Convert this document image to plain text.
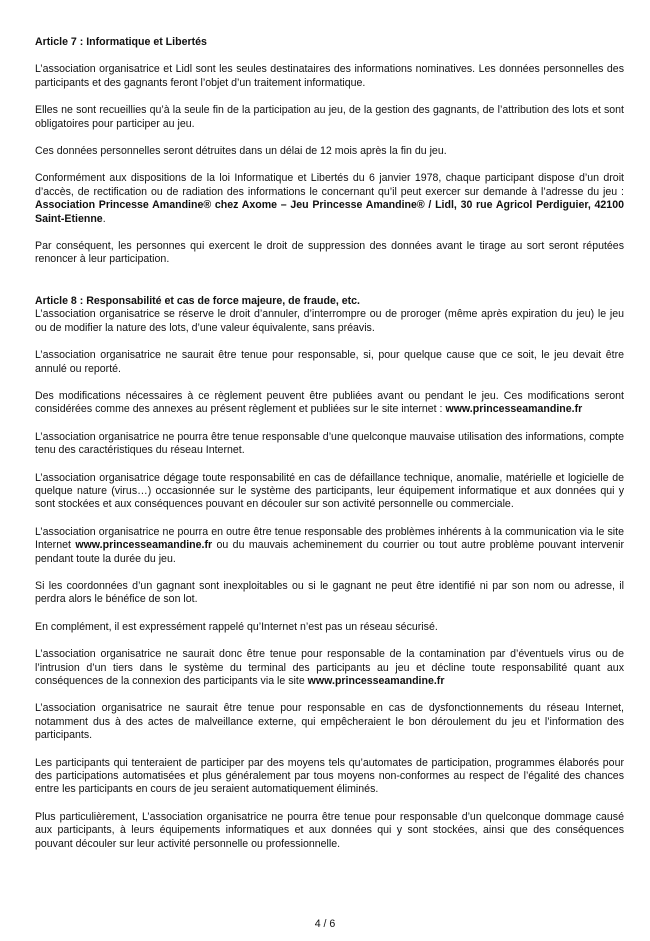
Article 7 : Informatique et Libertés

L’association organisatrice et Lidl sont les seules destinataires des informations nominatives. Les données personnelles des participants et des gagnants feront l’objet d’un traitement informatique.

Elles ne sont recueillies qu’à la seule fin de la participation au jeu, de la gestion des gagnants, de l’attribution des lots et sont obligatoires pour participer au jeu.

Ces données personnelles seront détruites dans un délai de 12 mois après la fin du jeu.

Conformément aux dispositions de la loi Informatique et Libertés du 6 janvier 1978, chaque participant dispose d’un droit d’accès, de rectification ou de radiation des informations le concernant qu’il peut exercer sur demande à l’adresse du jeu : Association Princesse Amandine® chez Axome – Jeu Princesse Amandine® / Lidl, 30 rue Agricol Perdiguier, 42100 Saint-Etienne.

Par conséquent, les personnes qui exercent le droit de suppression des données avant le tirage au sort seront réputées renoncer à leur participation.

Article 8 : Responsabilité et cas de force majeure, de fraude, etc.

L’association organisatrice se réserve le droit d’annuler, d’interrompre ou de proroger (même après expiration du jeu) le jeu ou de modifier la nature des lots, d’une valeur équivalente, sans préavis.

L’association organisatrice ne saurait être tenue pour responsable, si, pour quelque cause que ce soit, le jeu devait être annulé ou reporté.

Des modifications nécessaires à ce règlement peuvent être publiées avant ou pendant le jeu. Ces modifications seront considérées comme des annexes au présent règlement et publiées sur le site internet : www.princesseamandine.fr

L’association organisatrice ne pourra être tenue responsable d’une quelconque mauvaise utilisation des informations, compte tenu des caractéristiques du réseau Internet.

L’association organisatrice dégage toute responsabilité en cas de défaillance technique, anomalie, matérielle et logicielle de quelque nature (virus…) occasionnée sur le système des participants, leur équipement informatique et aux données qui y sont stockées et aux conséquences pouvant en découler sur son activité personnelle ou commerciale.

L’association organisatrice ne pourra en outre être tenue responsable des problèmes inhérents à la communication via le site Internet www.princesseamandine.fr ou du mauvais acheminement du courrier ou tout autre problème pouvant intervenir pendant toute la durée du jeu.

Si les coordonnées d’un gagnant sont inexploitables ou si le gagnant ne peut être identifié ni par son nom ou adresse, il perdra alors le bénéfice de son lot.

En complément, il est expressément rappelé qu’Internet n’est pas un réseau sécurisé.

L’association organisatrice ne saurait donc être tenue pour responsable de la contamination par d’éventuels virus ou de l’intrusion d’un tiers dans le système du terminal des participants au jeu et décline toute responsabilité quant aux conséquences de la connexion des participants via le site www.princesseamandine.fr

L’association organisatrice ne saurait être tenue pour responsable en cas de dysfonctionnements du réseau Internet, notamment dus à des actes de malveillance externe, qui empêcheraient le bon déroulement du jeu et l’information des participants.

Les participants qui tenteraient de participer par des moyens tels qu’automates de participation, programmes élaborés pour des participations automatisées et plus généralement par tous moyens non-conformes au respect de l’égalité des chances entre les participants en cours de jeu seraient automatiquement éliminés.

Plus particulièrement, L’association organisatrice ne pourra être tenue pour responsable d’un quelconque dommage causé aux participants, à leurs équipements informatiques et aux données qui y sont stockées, ainsi que des conséquences pouvant découler sur leur activité personnelle ou professionnelle.

4 / 6
